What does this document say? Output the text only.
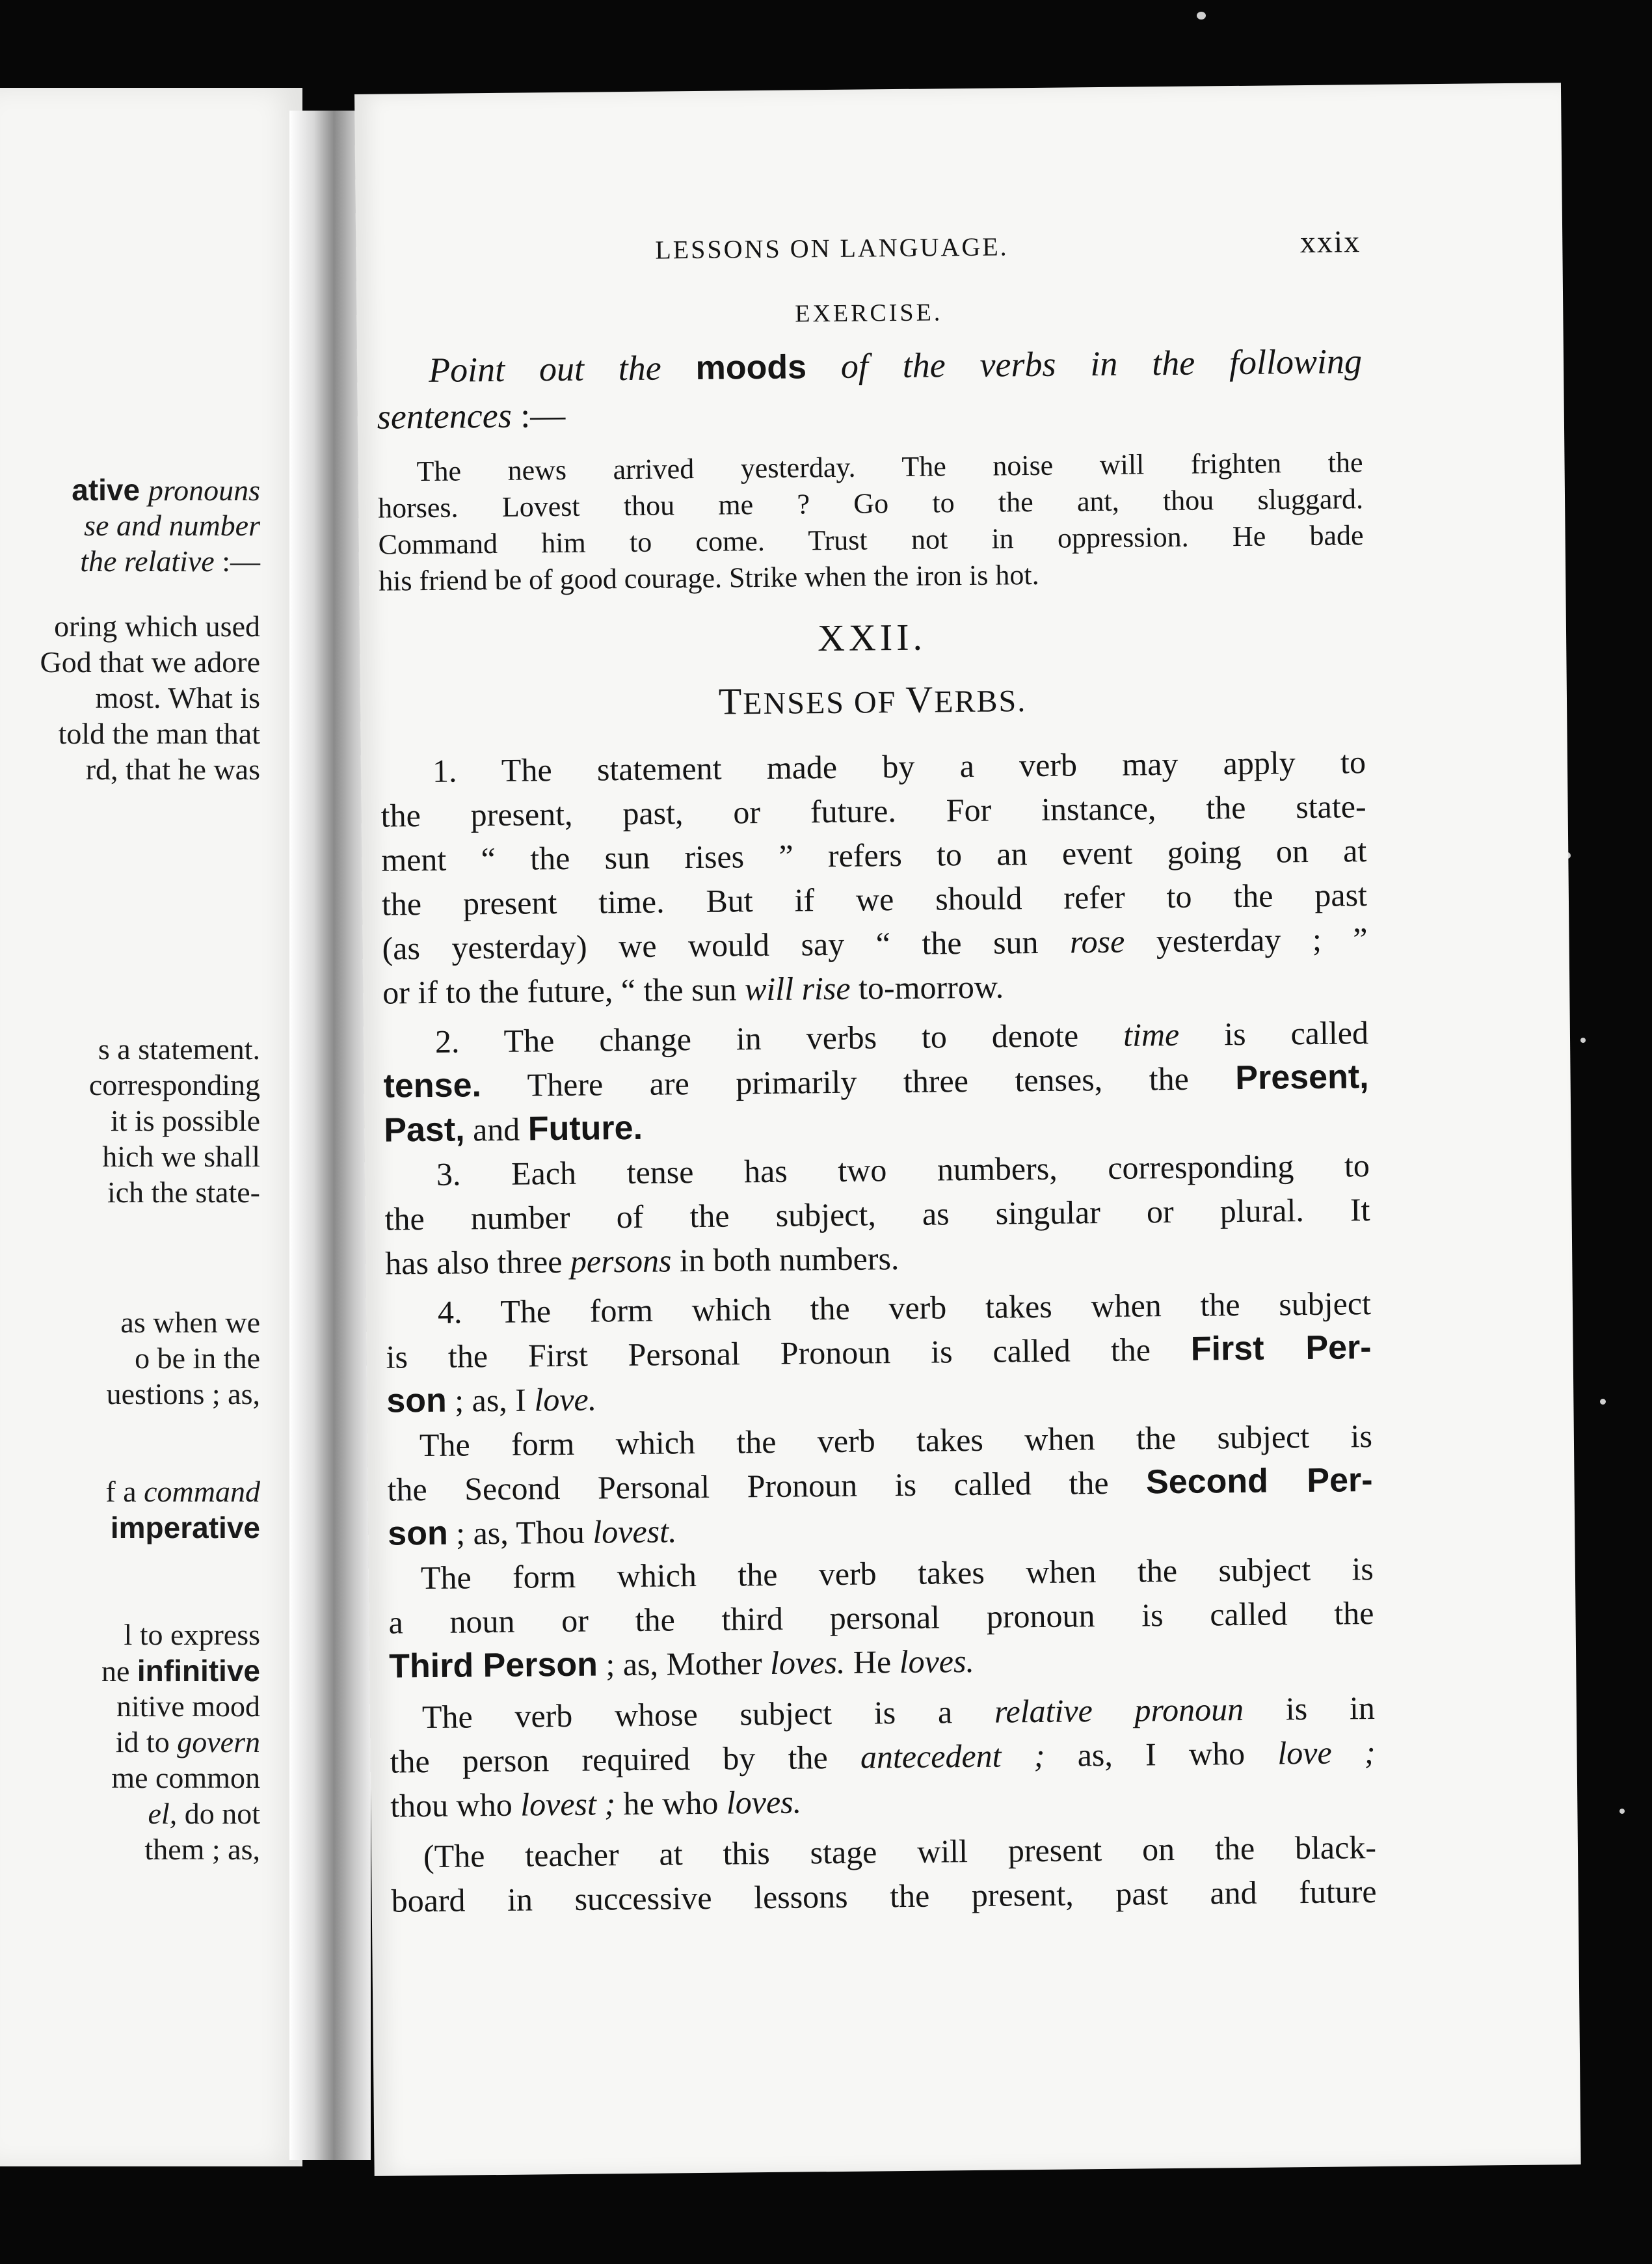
ative pronouns
se and number
the relative :—
oring which used
God that we adore
most. What is
told the man that
rd, that he was
s a statement.
corresponding
it is possible
hich we shall
ich the state-
as when we
o be in the
uestions ; as,
f a command
imperative
l to express
ne infinitive
nitive mood
id to govern
me common
el, do not
them ; as,
LESSONS ON LANGUAGE.	xxix

EXERCISE.

Point out the moods of the verbs in the following
sentences :—
The news arrived yesterday. The noise will frighten the
horses. Lovest thou me ? Go to the ant, thou sluggard.
Command him to come. Trust not in oppression. He bade
his friend be of good courage. Strike when the iron is hot.

XXII.

TENSES OF VERBS.

1. The statement made by a verb may apply to
the present, past, or future. For instance, the state-
ment “ the sun rises ” refers to an event going on at
the present time. But if we should refer to the past
(as yesterday) we would say “ the sun rose yesterday ; ”
or if to the future, “ the sun will rise to-morrow.
2. The change in verbs to denote time is called
tense. There are primarily three tenses, the Present,
Past, and Future.
3. Each tense has two numbers, corresponding to
the number of the subject, as singular or plural. It
has also three persons in both numbers.
4. The form which the verb takes when the subject
is the First Personal Pronoun is called the First Per-
son ; as, I love.
The form which the verb takes when the subject is
the Second Personal Pronoun is called the Second Per-
son ; as, Thou lovest.
The form which the verb takes when the subject is
a noun or the third personal pronoun is called the
Third Person ; as, Mother loves. He loves.
The verb whose subject is a relative pronoun is in
the person required by the antecedent ; as, I who love ;
thou who lovest ; he who loves.
(The teacher at this stage will present on the black-
board in successive lessons the present, past and future
